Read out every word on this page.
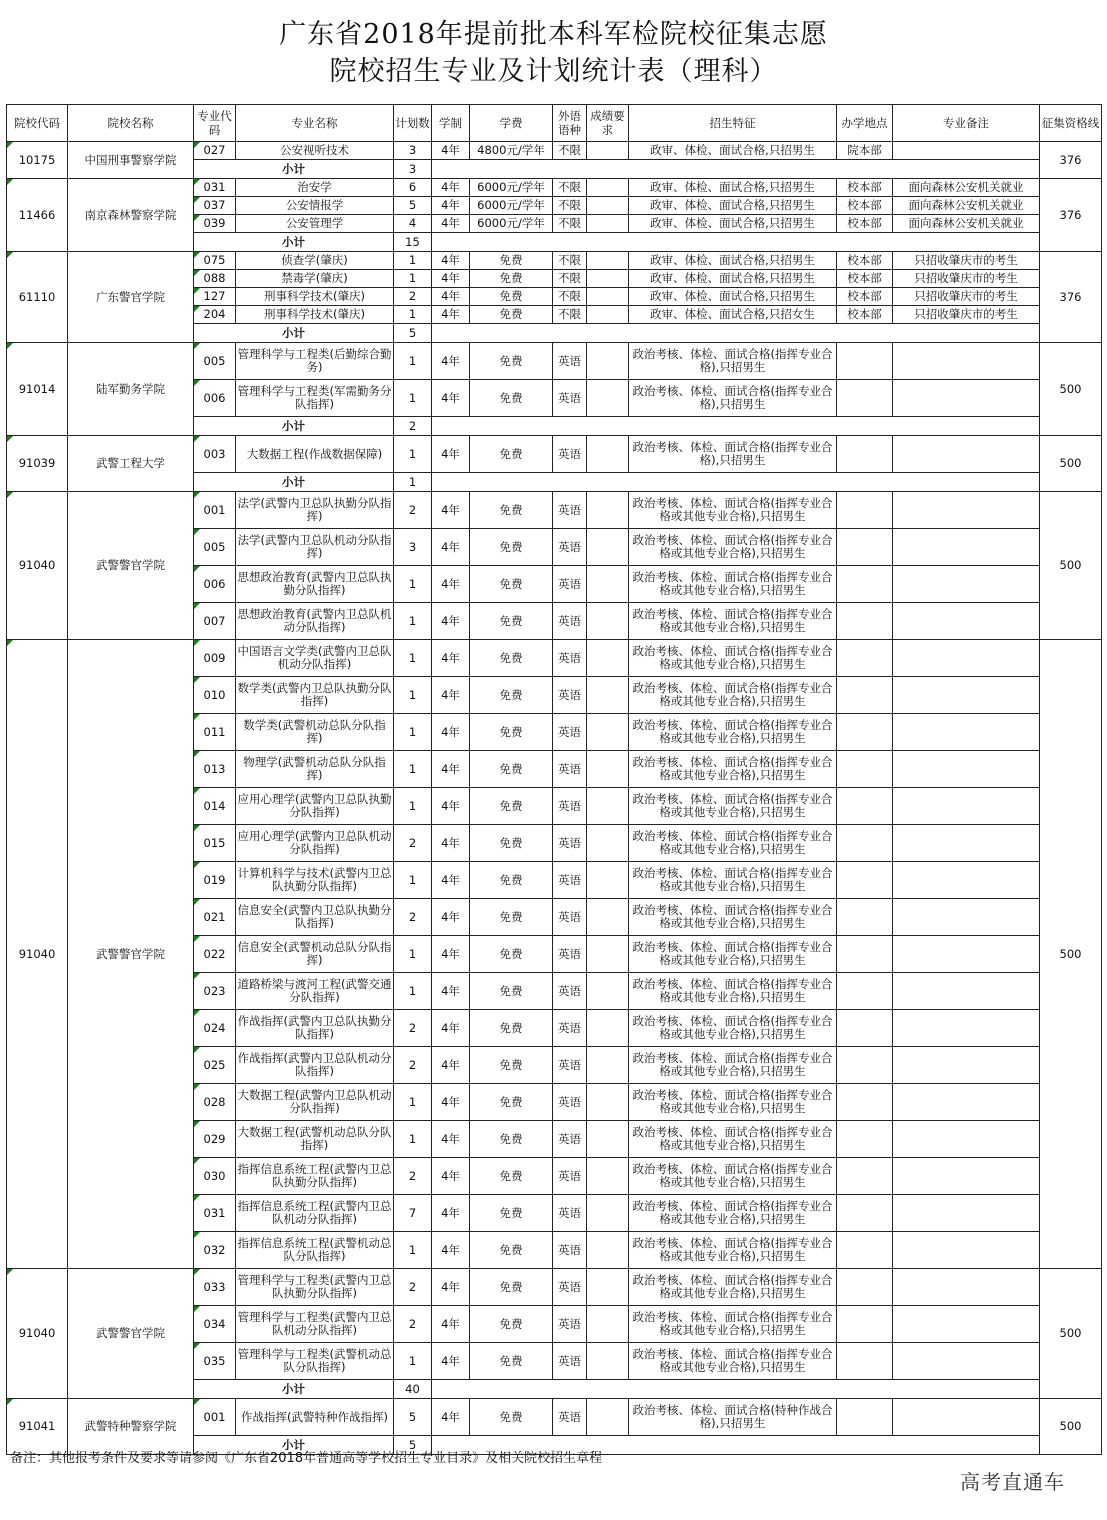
广东省2018年提前批本科军检院校征集志愿
院校招生专业及计划统计表（理科）
院校代码	院校名称	专业代码	专业名称	计划数	学制	学费	外语语种	成绩要求	招生特征	办学地点	专业备注	征集资格线
10175	中国刑事警察学院	027	公安视听技术	3	4年	4800元/学年	不限		政审、体检、面试合格,只招男生	院本部		376
		小计		3								
11466	南京森林警察学院	031	治安学	6	4年	6000元/学年	不限		政审、体检、面试合格,只招男生	校本部	面向森林公安机关就业	376
		037	公安情报学	5	4年	6000元/学年	不限		政审、体检、面试合格,只招男生	校本部	面向森林公安机关就业	
		039	公安管理学	4	4年	6000元/学年	不限		政审、体检、面试合格,只招男生	校本部	面向森林公安机关就业	
		小计		15								
61110	广东警官学院	075	侦查学(肇庆)	1	4年	免费	不限		政审、体检、面试合格,只招男生	校本部	只招收肇庆市的考生	376
		088	禁毒学(肇庆)	1	4年	免费	不限		政审、体检、面试合格,只招男生	校本部	只招收肇庆市的考生	
		127	刑事科学技术(肇庆)	2	4年	免费	不限		政审、体检、面试合格,只招男生	校本部	只招收肇庆市的考生	
		204	刑事科学技术(肇庆)	1	4年	免费	不限		政审、体检、面试合格,只招女生	校本部	只招收肇庆市的考生	
		小计		5								
91014	陆军勤务学院	005	管理科学与工程类(后勤综合勤务)	1	4年	免费	英语		政治考核、体检、面试合格(指挥专业合格),只招男生			500
		006	管理科学与工程类(军需勤务分队指挥)	1	4年	免费	英语		政治考核、体检、面试合格(指挥专业合格),只招男生			
		小计		2								
91039	武警工程大学	003	大数据工程(作战数据保障)	1	4年	免费	英语		政治考核、体检、面试合格(指挥专业合格),只招男生			500
		小计		1								
91040	武警警官学院	001	法学(武警内卫总队执勤分队指挥)	2	4年	免费	英语		政治考核、体检、面试合格(指挥专业合格或其他专业合格),只招男生			500
		005	法学(武警内卫总队机动分队指挥)	3	4年	免费	英语		政治考核、体检、面试合格(指挥专业合格或其他专业合格),只招男生			
		006	思想政治教育(武警内卫总队执勤分队指挥)	1	4年	免费	英语		政治考核、体检、面试合格(指挥专业合格或其他专业合格),只招男生			
		007	思想政治教育(武警内卫总队机动分队指挥)	1	4年	免费	英语		政治考核、体检、面试合格(指挥专业合格或其他专业合格),只招男生			
91040	武警警官学院	009	中国语言文学类(武警内卫总队机动分队指挥)	1	4年	免费	英语		政治考核、体检、面试合格(指挥专业合格或其他专业合格),只招男生			500
		010	数学类(武警内卫总队执勤分队指挥)	1	4年	免费	英语		政治考核、体检、面试合格(指挥专业合格或其他专业合格),只招男生			
		011	数学类(武警机动总队分队指挥)	1	4年	免费	英语		政治考核、体检、面试合格(指挥专业合格或其他专业合格),只招男生			
		013	物理学(武警机动总队分队指挥)	1	4年	免费	英语		政治考核、体检、面试合格(指挥专业合格或其他专业合格),只招男生			
		014	应用心理学(武警内卫总队执勤分队指挥)	1	4年	免费	英语		政治考核、体检、面试合格(指挥专业合格或其他专业合格),只招男生			
		015	应用心理学(武警内卫总队机动分队指挥)	2	4年	免费	英语		政治考核、体检、面试合格(指挥专业合格或其他专业合格),只招男生			
		019	计算机科学与技术(武警内卫总队执勤分队指挥)	1	4年	免费	英语		政治考核、体检、面试合格(指挥专业合格或其他专业合格),只招男生			
		021	信息安全(武警内卫总队执勤分队指挥)	2	4年	免费	英语		政治考核、体检、面试合格(指挥专业合格或其他专业合格),只招男生			
		022	信息安全(武警机动总队分队指挥)	1	4年	免费	英语		政治考核、体检、面试合格(指挥专业合格或其他专业合格),只招男生			
		023	道路桥梁与渡河工程(武警交通分队指挥)	1	4年	免费	英语		政治考核、体检、面试合格(指挥专业合格或其他专业合格),只招男生			
		024	作战指挥(武警内卫总队执勤分队指挥)	2	4年	免费	英语		政治考核、体检、面试合格(指挥专业合格或其他专业合格),只招男生			
		025	作战指挥(武警内卫总队机动分队指挥)	2	4年	免费	英语		政治考核、体检、面试合格(指挥专业合格或其他专业合格),只招男生			
		028	大数据工程(武警内卫总队机动分队指挥)	1	4年	免费	英语		政治考核、体检、面试合格(指挥专业合格或其他专业合格),只招男生			
		029	大数据工程(武警机动总队分队指挥)	1	4年	免费	英语		政治考核、体检、面试合格(指挥专业合格或其他专业合格),只招男生			
		030	指挥信息系统工程(武警内卫总队执勤分队指挥)	2	4年	免费	英语		政治考核、体检、面试合格(指挥专业合格或其他专业合格),只招男生			
		031	指挥信息系统工程(武警内卫总队机动分队指挥)	7	4年	免费	英语		政治考核、体检、面试合格(指挥专业合格或其他专业合格),只招男生			
		032	指挥信息系统工程(武警机动总队分队指挥)	1	4年	免费	英语		政治考核、体检、面试合格(指挥专业合格或其他专业合格),只招男生			
91040	武警警官学院	033	管理科学与工程类(武警内卫总队执勤分队指挥)	2	4年	免费	英语		政治考核、体检、面试合格(指挥专业合格或其他专业合格),只招男生			500
		034	管理科学与工程类(武警内卫总队机动分队指挥)	2	4年	免费	英语		政治考核、体检、面试合格(指挥专业合格或其他专业合格),只招男生			
		035	管理科学与工程类(武警机动总队分队指挥)	1	4年	免费	英语		政治考核、体检、面试合格(指挥专业合格或其他专业合格),只招男生			
		小计		40								
91041	武警特种警察学院	001	作战指挥(武警特种作战指挥)	5	4年	免费	英语		政治考核、体检、面试合格(特种作战合格),只招男生			500
		小计		5								
备注：其他报考条件及要求等请参阅《广东省2018年普通高等学校招生专业目录》及相关院校招生章程
高考直通车
